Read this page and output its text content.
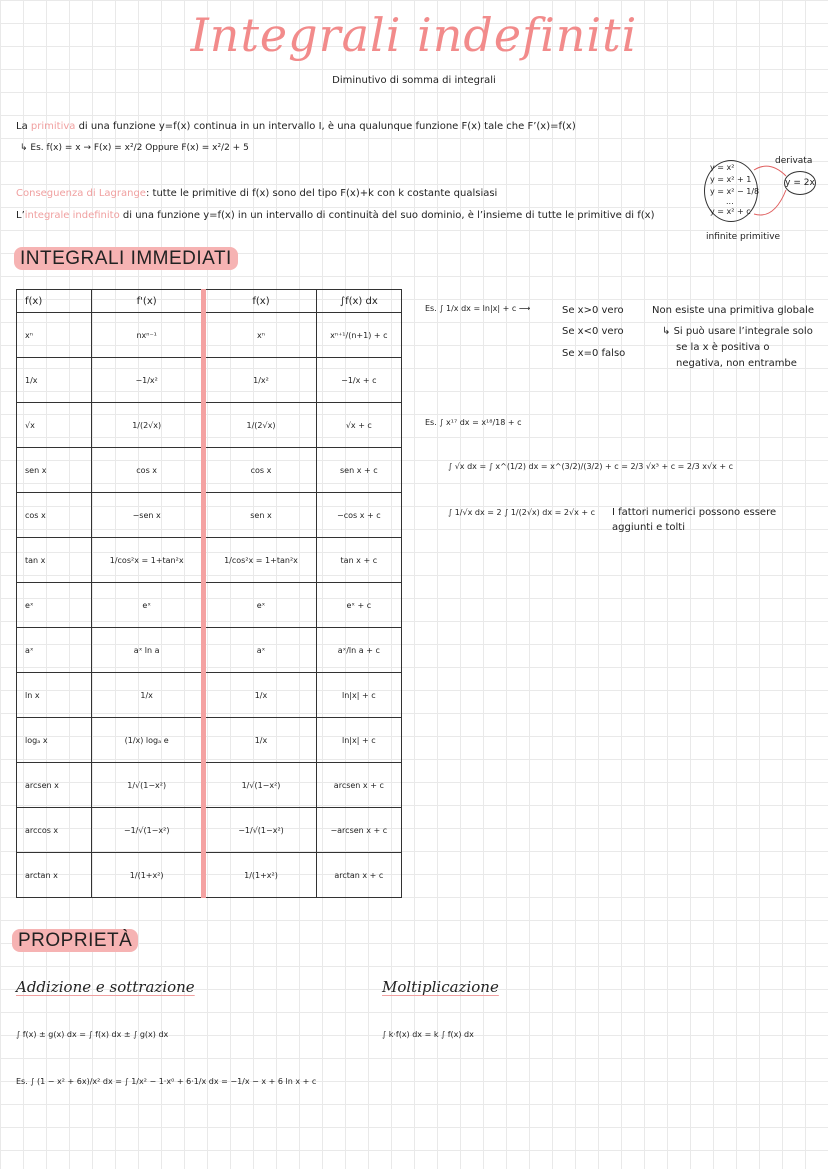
Integrali indefiniti
Diminutivo di somma di integrali
La primitiva di una funzione y=f(x) continua in un intervallo I, è una qualunque funzione F(x) tale che F’(x)=f(x)
↳ Es. f(x) = x → F(x) = x²/2 Oppure F(x) = x²/2 + 5
Conseguenza di Lagrange: tutte le primitive di f(x) sono del tipo F(x)+k con k costante qualsiasi
L’integrale indefinito di una funzione y=f(x) in un intervallo di continuità del suo dominio, è l’insieme di tutte le primitive di f(x)
y = x²
y = x² + 1
y = x² − 1/8
...
y = x² + c
derivata
y = 2x
infinite primitive
INTEGRALI IMMEDIATI
f(x)	f'(x)	f(x)	∫f(x) dx
xⁿ	nxⁿ⁻¹	xⁿ	xⁿ⁺¹/(n+1) + c
1/x	−1/x²	1/x²	−1/x + c
√x	1/(2√x)	1/(2√x)	√x + c
sen x	cos x	cos x	sen x + c
cos x	−sen x	sen x	−cos x + c
tan x	1/cos²x = 1+tan²x	1/cos²x = 1+tan²x	tan x + c
eˣ	eˣ	eˣ	eˣ + c
aˣ	aˣ ln a	aˣ	aˣ/ln a + c
ln x	1/x	1/x	ln|x| + c
logₐ x	(1/x) logₐ e	1/x	ln|x| + c
arcsen x	1/√(1−x²)	1/√(1−x²)	arcsen x + c
arccos x	−1/√(1−x²)	−1/√(1−x²)	−arcsen x + c
arctan x	1/(1+x²)	1/(1+x²)	arctan x + c
Es. ∫ 1/x dx = ln|x| + c ⟶	Se x>0 vero
Se x<0 vero
Se x=0 falso
Non esiste una primitiva globale
↳ Si può usare l’integrale solo
se la x è positiva o
negativa, non entrambe
Es. ∫ x¹⁷ dx = x¹⁸/18 + c
∫ √x dx = ∫ x^(1/2) dx = x^(3/2)/(3/2) + c = 2/3 √x³ + c = 2/3 x√x + c
∫ 1/√x dx = 2 ∫ 1/(2√x) dx = 2√x + c I fattori numerici possono essere
aggiunti e tolti
PROPRIETÀ
Addizione e sottrazione	Moltiplicazione
∫ f(x) ± g(x) dx = ∫ f(x) dx ± ∫ g(x) dx	∫ k·f(x) dx = k ∫ f(x) dx
Es. ∫ (1 − x² + 6x)/x² dx = ∫ 1/x² − 1·x⁰ + 6·1/x dx = −1/x − x + 6 ln x + c
